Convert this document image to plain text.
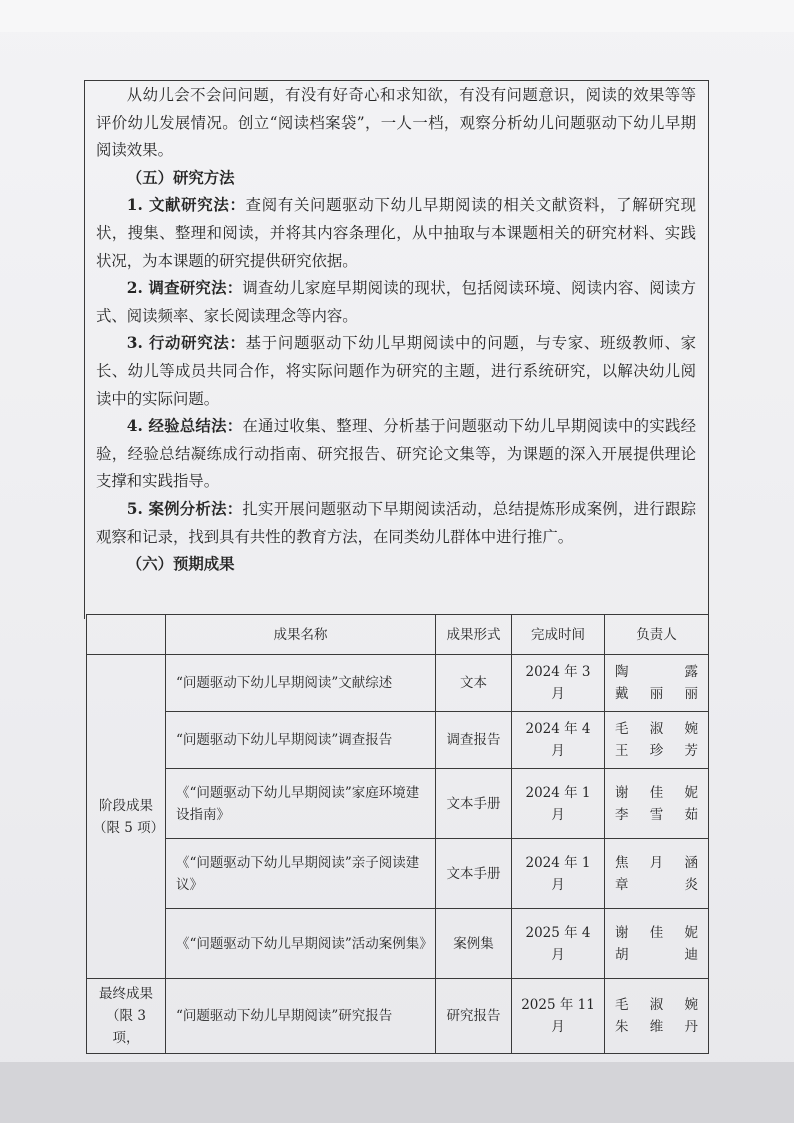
从幼儿会不会问问题，有没有好奇心和求知欲，有没有问题意识，阅读的效果等等评价幼儿发展情况。创立“阅读档案袋”，一人一档，观察分析幼儿问题驱动下幼儿早期阅读效果。

（五）研究方法

1. 文献研究法：查阅有关问题驱动下幼儿早期阅读的相关文献资料，了解研究现状，搜集、整理和阅读，并将其内容条理化，从中抽取与本课题相关的研究材料、实践状况，为本课题的研究提供研究依据。

2. 调查研究法：调查幼儿家庭早期阅读的现状，包括阅读环境、阅读内容、阅读方式、阅读频率、家长阅读理念等内容。

3. 行动研究法：基于问题驱动下幼儿早期阅读中的问题，与专家、班级教师、家长、幼儿等成员共同合作，将实际问题作为研究的主题，进行系统研究，以解决幼儿阅读中的实际问题。

4. 经验总结法：在通过收集、整理、分析基于问题驱动下幼儿早期阅读中的实践经验，经验总结凝练成行动指南、研究报告、研究论文集等，为课题的深入开展提供理论支撑和实践指导。

5. 案例分析法：扎实开展问题驱动下早期阅读活动，总结提炼形成案例，进行跟踪观察和记录，找到具有共性的教育方法，在同类幼儿群体中进行推广。

（六）预期成果

	成果名称	成果形式	完成时间	负责人
阶段成果（限 5 项）	“问题驱动下幼儿早期阅读”文献综述	文本	2024 年 3 月	陶　露
戴丽丽

	“问题驱动下幼儿早期阅读”调查报告	调查报告	2024 年 4 月	毛淑婉
王珍芳

	《“问题驱动下幼儿早期阅读”家庭环境建设指南》	文本手册	2024 年 1 月	谢佳妮
李雪茹

	《“问题驱动下幼儿早期阅读”亲子阅读建议》	文本手册	2024 年 1 月	焦月涵
章　炎

	《“问题驱动下幼儿早期阅读”活动案例集》	案例集	2025 年 4 月	谢佳妮
胡　迪

最终成果（限 3 项，	“问题驱动下幼儿早期阅读”研究报告	研究报告	2025 年 11 月	毛淑婉
朱维丹
